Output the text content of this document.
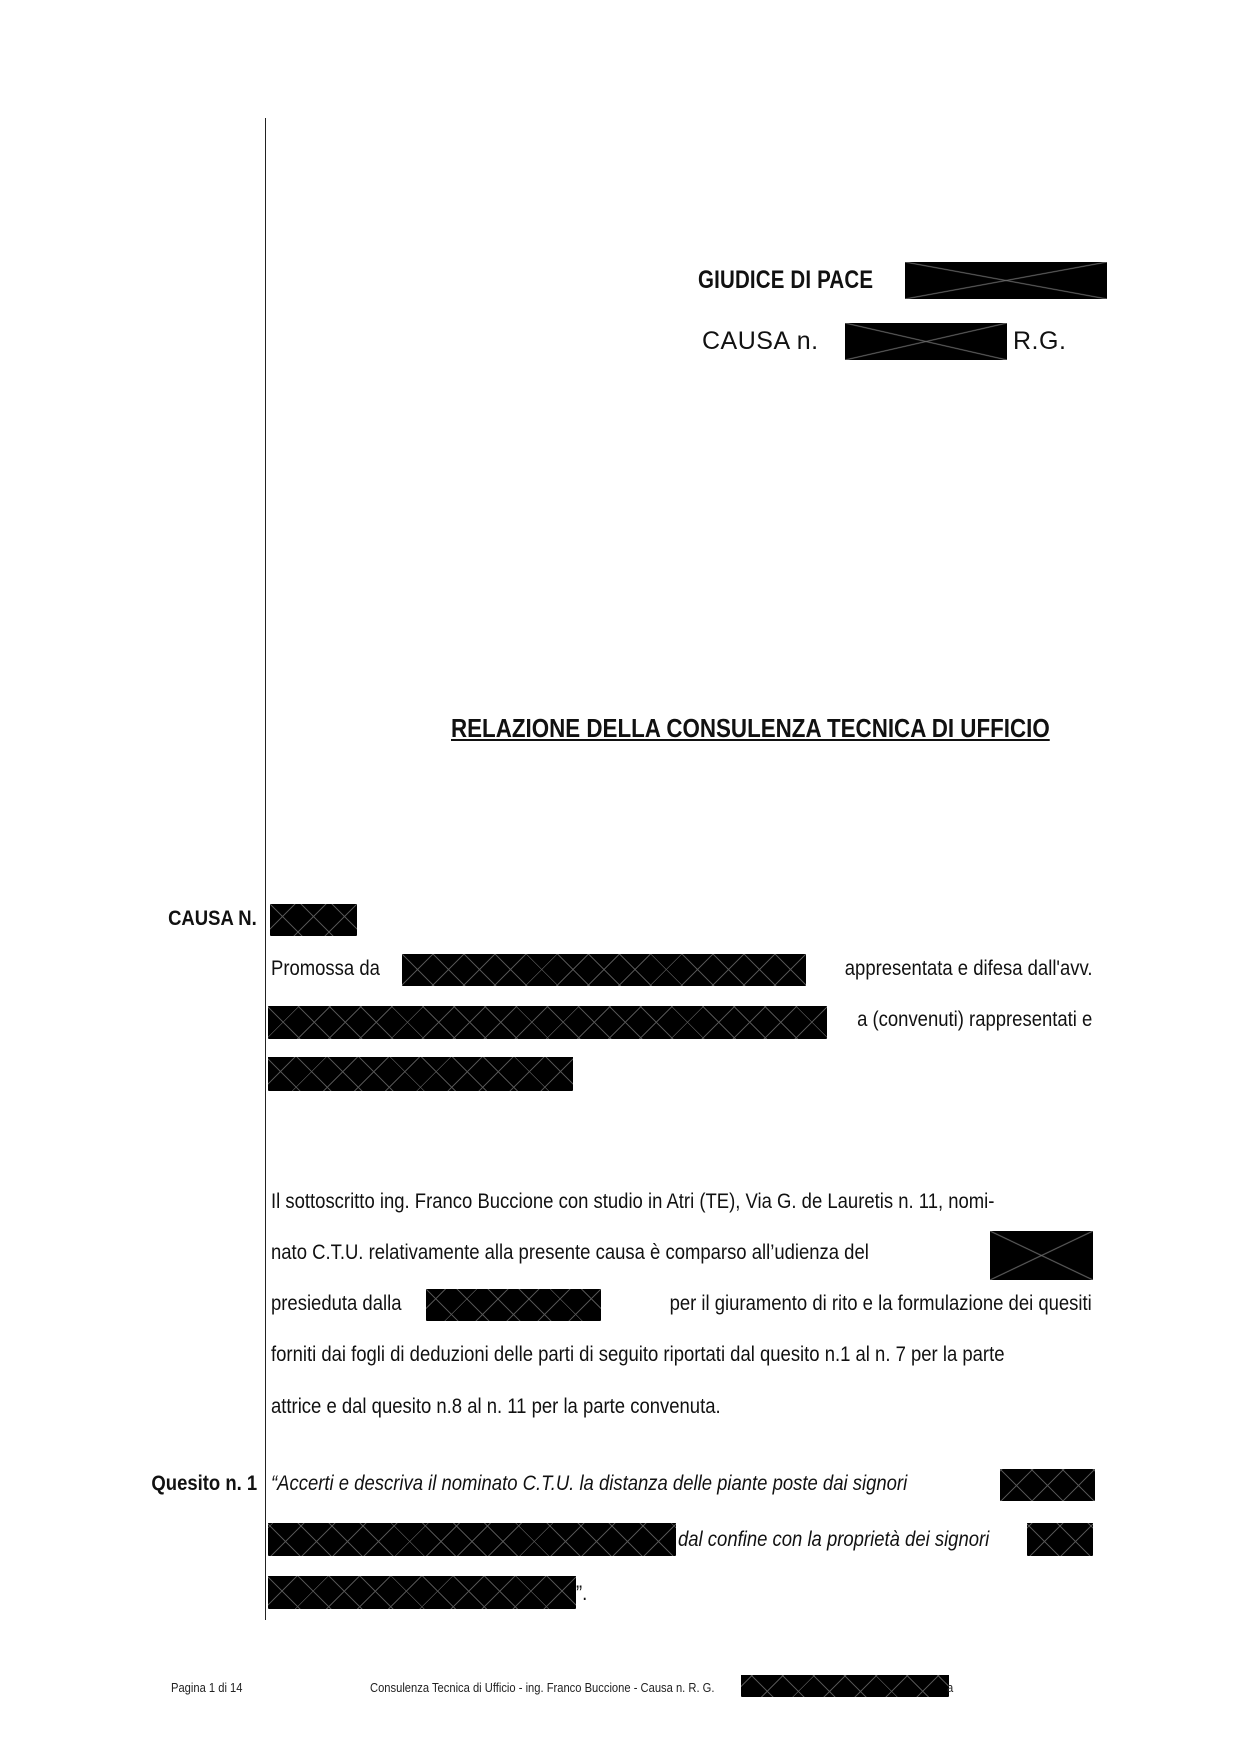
GIUDICE DI PACE
CAUSA n.	R.G.
RELAZIONE DELLA CONSULENZA TECNICA DI UFFICIO
CAUSA N.
Promossa da	appresentata e difesa dall'avv.
a (convenuti) rappresentati e
Il sottoscritto ing. Franco Buccione con studio in Atri (TE), Via G. de Lauretis n. 11, nomi-
nato C.T.U. relativamente alla presente causa è comparso all’udienza del
presieduta dalla	per il giuramento di rito e la formulazione dei quesiti
forniti dai fogli di deduzioni delle parti di seguito riportati dal quesito n.1 al n. 7 per la parte
attrice e dal quesito n.8 al n. 11 per la parte convenuta.
Quesito n. 1 “Accerti e descriva il nominato C.T.U. la distanza delle piante poste dai signori
dal confine con la proprietà dei signori
”.
Pagina 1 di 14	Consulenza Tecnica di Ufficio - ing. Franco Buccione - Causa n. R. G.	a
